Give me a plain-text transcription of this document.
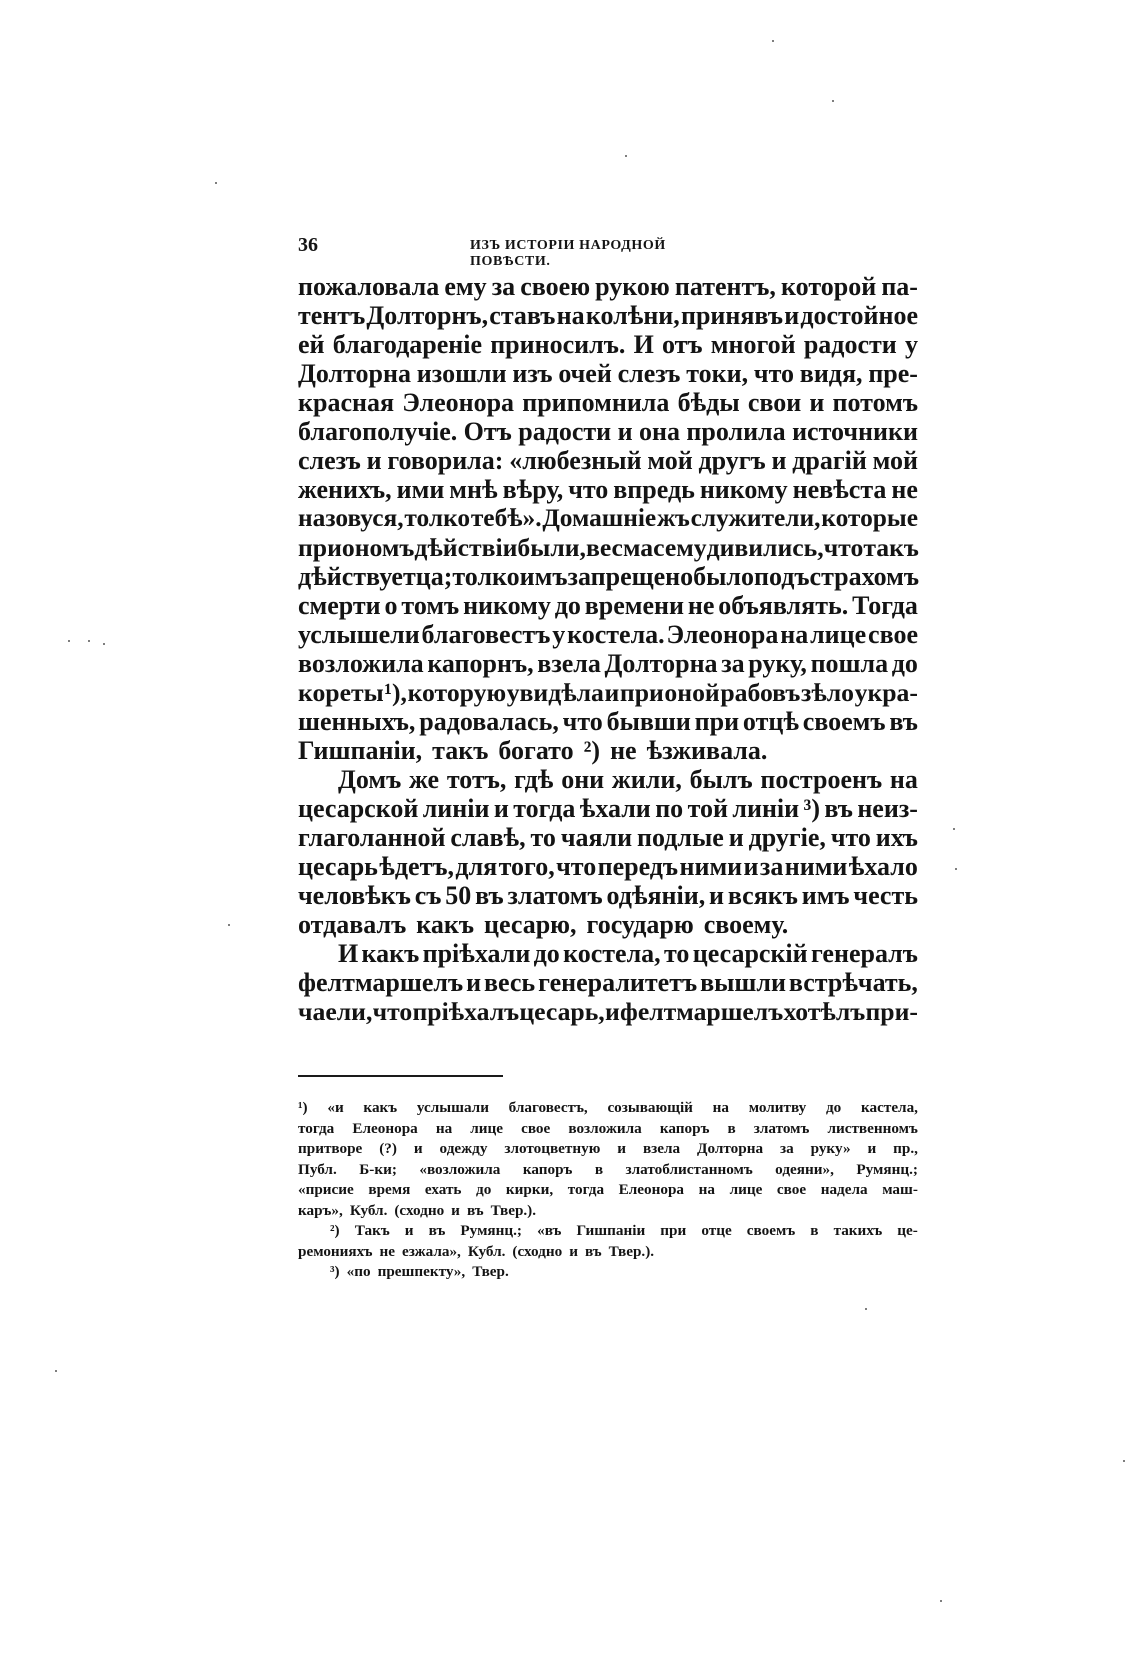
36	ИЗЪ ИСТОРІИ НАРОДНОЙ ПОВѢСТИ.
пожаловала ему за своею рукою патентъ, которой па-
тентъ Долторнъ, ставъ на колѣни, принявъ и достойное
ей благодареніе приносилъ. И отъ многой радости у
Долторна изошли изъ очей слезъ токи, что видя, пре-
красная Элеонора припомнила бѣды свои и потомъ
благополучіе. Отъ радости и она пролила источники
слезъ и говорила: «любезный мой другъ и драгій мой
женихъ, ими мнѣ вѣру, что впредь никому невѣста не
назовуся, толко тебѣ». Домашніе жъ служители, которые
при ономъ дѣйствіи были, весма сему дивились, что такъ
дѣйствуетца; толко имъ запрещено было подъ страхомъ
смерти о томъ никому до времени не объявлять. Тогда
услышели благовестъ у костела. Элеонора на лице свое
возложила капорнъ, взела Долторна за руку, пошла до
кореты ¹), которую увидѣла и при оной рабовъ зѣло укра-
шенныхъ, радовалась, что бывши при отцѣ своемъ въ
Гишпаніи, такъ богато ²) не ѣзживала.
Домъ же тотъ, гдѣ они жили, былъ построенъ на
цесарской линіи и тогда ѣхали по той линіи ³) въ неиз-
глаголанной славѣ, то чаяли подлые и другіе, что ихъ
цесарь ѣдетъ, для того, что передъ ними и за ними ѣхало
человѣкъ съ 50 въ златомъ одѣяніи, и всякъ имъ честь
отдавалъ какъ цесарю, государю своему.
И какъ пріѣхали до костела, то цесарскій генералъ
фелтмаршелъ и весь генералитетъ вышли встрѣчать,
чаели, что пріѣхалъ цесарь, и фелтмаршелъ хотѣлъ при-
¹) «и какъ услышали благовестъ, созывающій на молитву до кастела,
тогда Елеонора на лице свое возложила капоръ в златомъ лиственномъ
притворе (?) и одежду злотоцветную и взела Долторна за руку» и пр.,
Публ. Б-ки; «возложила капоръ в златоблистанномъ одеяни», Румянц.;
«присие время ехать до кирки, тогда Елеонора на лице свое надела маш-
каръ», Кубл. (сходно и въ Твер.).
²) Такъ и въ Румянц.; «въ Гишпаніи при отце своемъ в такихъ це-
ремонияхъ не езжала», Кубл. (сходно и въ Твер.).
³) «по прешпекту», Твер.
